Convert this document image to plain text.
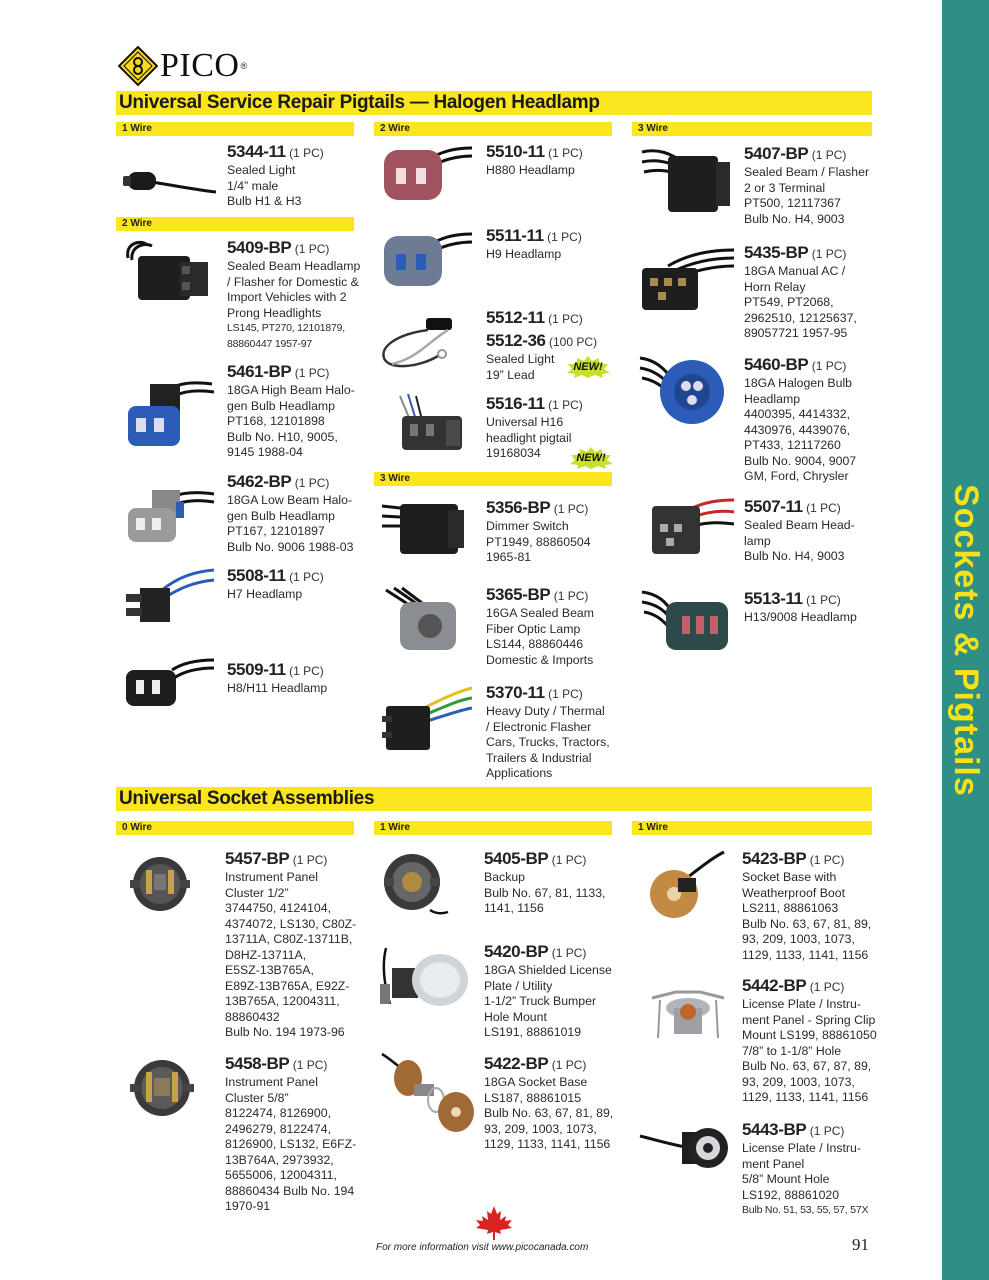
Sockets & Pigtails
PICO ®
Universal Service Repair Pigtails — Halogen Headlamp
1 Wire	2 Wire	3 Wire
2 Wire
3 Wire
5344-11 (1 PC)
Sealed Light
1/4” male
Bulb H1 & H3
5409-BP (1 PC)
Sealed Beam Headlamp
/ Flasher for Domestic &
Import Vehicles with 2
Prong Headlights
LS145, PT270, 12101879,
88860447 1957-97
5461-BP (1 PC)
18GA High Beam Halo-
gen Bulb Headlamp
PT168, 12101898
Bulb No. H10, 9005,
9145 1988-04
5462-BP (1 PC)
18GA Low Beam Halo-
gen Bulb Headlamp
PT167, 12101897
Bulb No. 9006 1988-03
5508-11 (1 PC)
H7 Headlamp
5509-11 (1 PC)
H8/H11 Headlamp
5510-11 (1 PC)
H880 Headlamp
5511-11 (1 PC)
H9 Headlamp
5512-11 (1 PC)
5512-36 (100 PC)
Sealed Light
19” Lead
NEW!
5516-11 (1 PC)
Universal H16
headlight pigtail
19168034	NEW!
5356-BP (1 PC)
Dimmer Switch
PT1949, 88860504
1965-81
5365-BP (1 PC)
16GA Sealed Beam
Fiber Optic Lamp
LS144, 88860446
Domestic & Imports
5370-11 (1 PC)
Heavy Duty / Thermal
/ Electronic Flasher
Cars, Trucks, Tractors,
Trailers & Industrial
Applications
5407-BP (1 PC)
Sealed Beam / Flasher
2 or 3 Terminal
PT500, 12117367
Bulb No. H4, 9003
5435-BP (1 PC)
18GA Manual AC /
Horn Relay
PT549, PT2068,
2962510, 12125637,
89057721 1957-95
5460-BP (1 PC)
18GA Halogen Bulb
Headlamp
4400395, 4414332,
4430976, 4439076,
PT433, 12117260
Bulb No. 9004, 9007
GM, Ford, Chrysler
5507-11 (1 PC)
Sealed Beam Head-
lamp
Bulb No. H4, 9003
5513-11 (1 PC)
H13/9008 Headlamp
Universal Socket Assemblies
0 Wire	1 Wire	1 Wire
5457-BP (1 PC)
Instrument Panel
Cluster 1/2”
3744750, 4124104,
4374072, LS130, C80Z-
13711A, C80Z-13711B,
D8HZ-13711A,
E5SZ-13B765A,
E89Z-13B765A, E92Z-
13B765A, 12004311,
88860432
Bulb No. 194 1973-96
5458-BP (1 PC)
Instrument Panel
Cluster 5/8”
8122474, 8126900,
2496279, 8122474,
8126900, LS132, E6FZ-
13B764A, 2973932,
5655006, 12004311,
88860434 Bulb No. 194
1970-91
5405-BP (1 PC)
Backup
Bulb No. 67, 81, 1133,
1141, 1156
5420-BP (1 PC)
18GA Shielded License
Plate / Utility
1-1/2” Truck Bumper
Hole Mount
LS191, 88861019
5422-BP (1 PC)
18GA Socket Base
LS187, 88861015
Bulb No. 63, 67, 81, 89,
93, 209, 1003, 1073,
1129, 1133, 1141, 1156
5423-BP (1 PC)
Socket Base with
Weatherproof Boot
LS211, 88861063
Bulb No. 63, 67, 81, 89,
93, 209, 1003, 1073,
1129, 1133, 1141, 1156
5442-BP (1 PC)
License Plate / Instru-
ment Panel - Spring Clip
Mount LS199, 88861050
7/8” to 1-1/8” Hole
Bulb No. 63, 67, 87, 89,
93, 209, 1003, 1073,
1129, 1133, 1141, 1156
5443-BP (1 PC)
License Plate / Instru-
ment Panel
5/8” Mount Hole
LS192, 88861020
Bulb No. 51, 53, 55, 57, 57X
For more information visit www.picocanada.com	91
